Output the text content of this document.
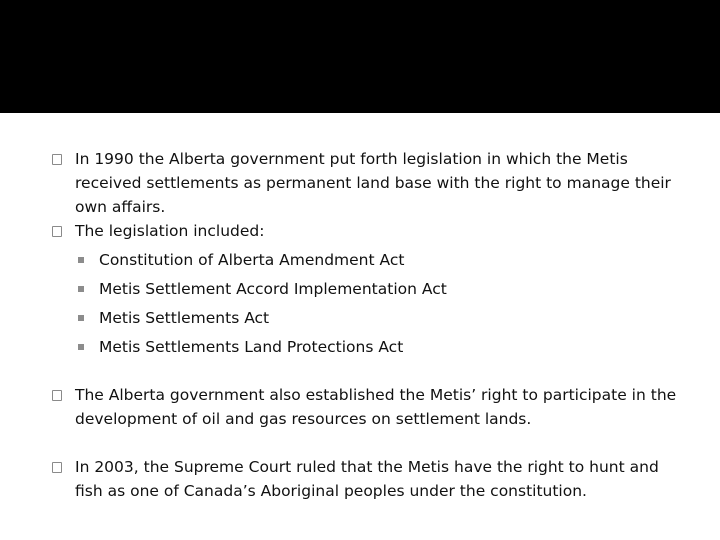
In 1990 the Alberta government put forth legislation in which the Metis received settlements as permanent land base with the right to manage their own affairs.
The legislation included:
Constitution of Alberta Amendment Act
Metis Settlement Accord Implementation Act
Metis Settlements Act
Metis Settlements Land Protections Act
The Alberta government also established the Metis’ right to participate in the development of oil and gas resources on settlement lands.
In 2003, the Supreme Court ruled that the Metis have the right to hunt and fish as one of Canada’s Aboriginal peoples under the constitution.
